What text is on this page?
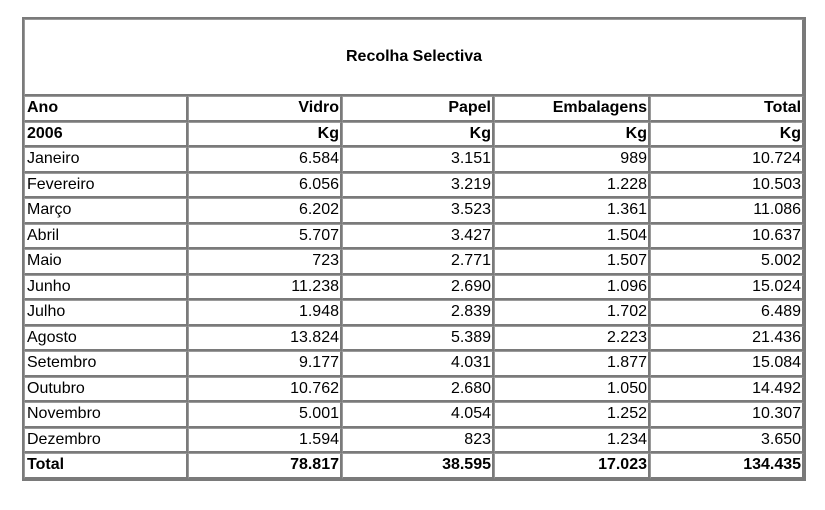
Recolha Selectiva				
Ano	Vidro	Papel	Embalagens	Total
2006	Kg	Kg	Kg	Kg
Janeiro	6.584	3.151	989	10.724
Fevereiro	6.056	3.219	1.228	10.503
Março	6.202	3.523	1.361	11.086
Abril	5.707	3.427	1.504	10.637
Maio	723	2.771	1.507	5.002
Junho	11.238	2.690	1.096	15.024
Julho	1.948	2.839	1.702	6.489
Agosto	13.824	5.389	2.223	21.436
Setembro	9.177	4.031	1.877	15.084
Outubro	10.762	2.680	1.050	14.492
Novembro	5.001	4.054	1.252	10.307
Dezembro	1.594	823	1.234	3.650
Total	78.817	38.595	17.023	134.435
